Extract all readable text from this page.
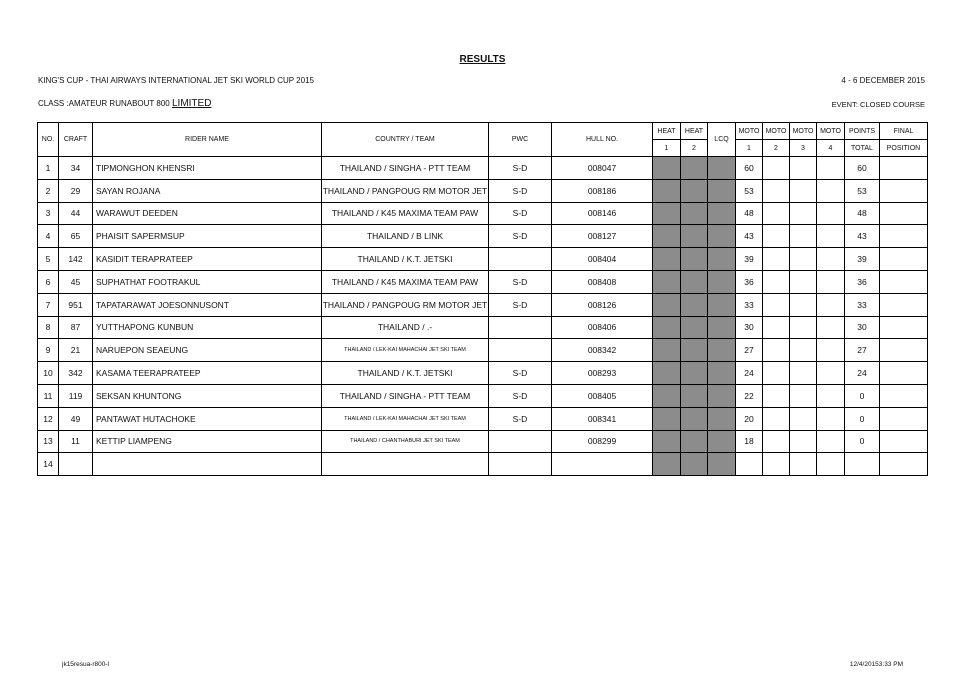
RESULTS
KING'S CUP - THAI AIRWAYS INTERNATIONAL JET SKI WORLD CUP 2015	4 - 6 DECEMBER 2015
CLASS :AMATEUR RUNABOUT 800 LIMITED	EVENT: CLOSED COURSE
NO.	CRAFT	RIDER NAME	COUNTRY / TEAM	PWC	HULL NO.	HEAT	HEAT	LCQ	MOTO	MOTO	MOTO	MOTO	POINTS	FINAL
						1	2		1	2	3	4	TOTAL	POSITION
1	34	TIPMONGHON KHENSRI	THAILAND / SINGHA - PTT TEAM	S-D	008047				60				60	
2	29	SAYAN ROJANA	THAILAND / PANGPOUG RM MOTOR JET	S-D	008186				53				53	
3	44	WARAWUT DEEDEN	THAILAND / K45 MAXIMA TEAM PAW	S-D	008146				48				48	
4	65	PHAISIT SAPERMSUP	THAILAND / B LINK	S-D	008127				43				43	
5	142	KASIDIT TERAPRATEEP	THAILAND / K.T. JETSKI		008404				39				39	
6	45	SUPHATHAT FOOTRAKUL	THAILAND / K45 MAXIMA TEAM PAW	S-D	008408				36				36	
7	951	TAPATARAWAT JOESONNUSONT	THAILAND / PANGPOUG RM MOTOR JET	S-D	008126				33				33	
8	87	YUTTHAPONG KUNBUN	THAILAND / .-		008406				30				30	
9	21	NARUEPON SEAEUNG	THAILAND / LEK-KAI MAHACHAI JET SKI TEAM		008342				27				27	
10	342	KASAMA TEERAPRATEEP	THAILAND / K.T. JETSKI	S-D	008293				24				24	
11	119	SEKSAN KHUNTONG	THAILAND / SINGHA - PTT TEAM	S-D	008405				22				0	
12	49	PANTAWAT HUTACHOKE	THAILAND / LEK-KAI MAHACHAI JET SKI TEAM	S-D	008341				20				0	
13	11	KETTIP LIAMPENG	THAILAND / CHANTHABURI JET SKI TEAM		008299				18				0	
14														
jk15resua-r800-l	12/4/20153:33 PM
